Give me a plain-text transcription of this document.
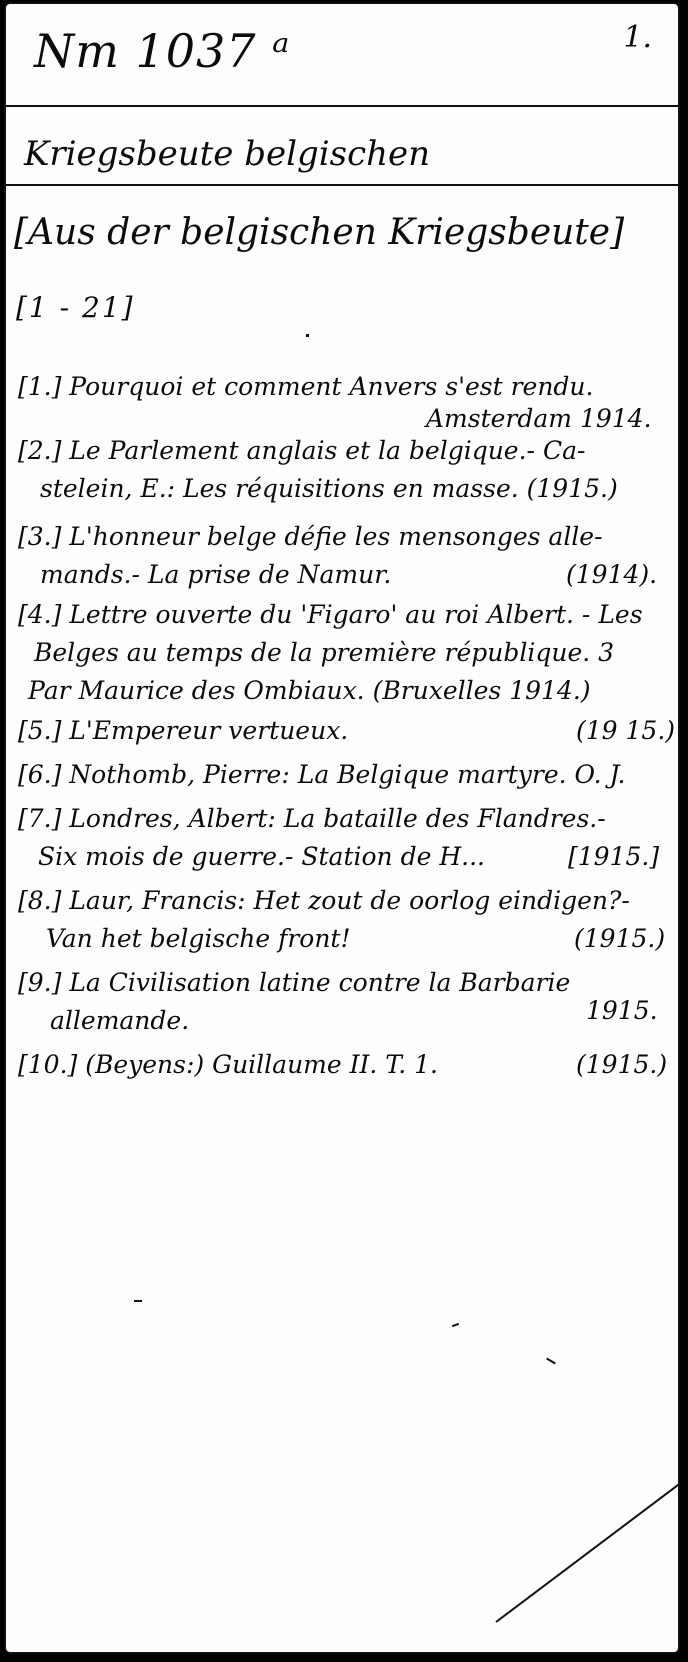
Nm 1037 ᵃ	1.
Kriegsbeute belgischen
[Aus der belgischen Kriegsbeute]
[1 - 21]
[1.] Pourquoi et comment Anvers s'est rendu.
Amsterdam 1914.
[2.] Le Parlement anglais et la belgique.- Ca-
stelein, E.: Les réquisitions en masse. (1915.)
[3.] L'honneur belge défie les mensonges alle-
mands.- La prise de Namur.	(1914).
[4.] Lettre ouverte du 'Figaro' au roi Albert. - Les
Belges au temps de la première république. 3
Par Maurice des Ombiaux. (Bruxelles 1914.)
[5.] L'Empereur vertueux.	(19 15.)
[6.] Nothomb, Pierre: La Belgique martyre. O. J.
[7.] Londres, Albert: La bataille des Flandres.-
Six mois de guerre.- Station de H...	[1915.]
[8.] Laur, Francis: Het zout de oorlog eindigen?-
Van het belgische front!	(1915.)
[9.] La Civilisation latine contre la Barbarie
allemande.	1915.
[10.] (Beyens:) Guillaume II. T. 1.	(1915.)
